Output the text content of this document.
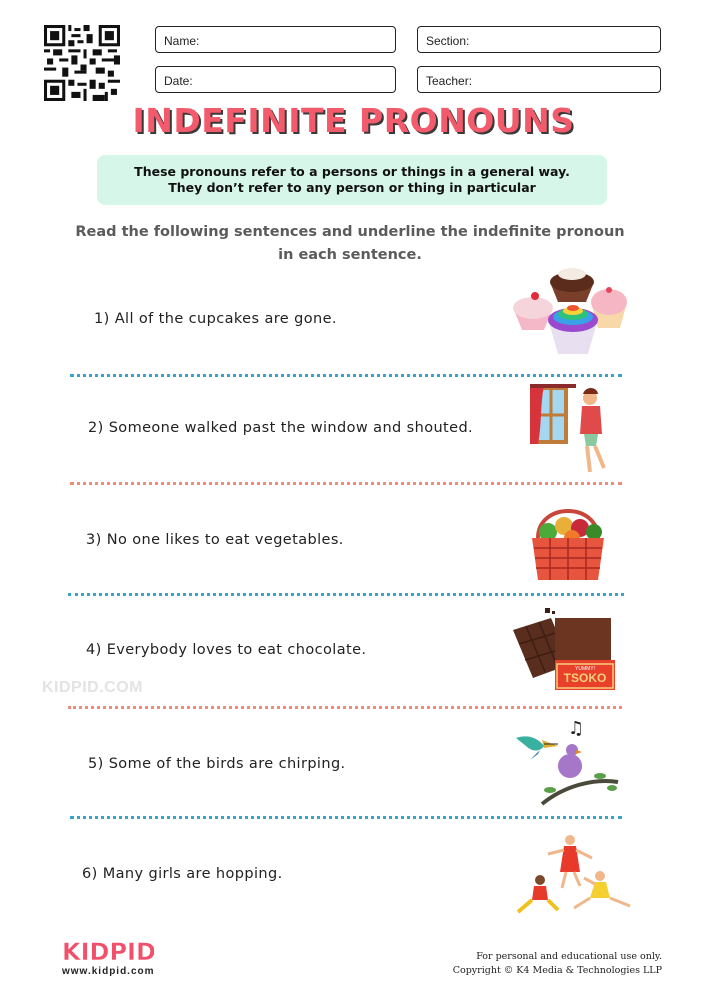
Name:	Section:
Date:	Teacher:
INDEFINITE PRONOUNS
These pronouns refer to a persons or things in a general way.
They don’t refer to any person or thing in particular
Read the following sentences and underline the indefinite pronoun
in each sentence.
1) All of the cupcakes are gone.
2) Someone walked past the window and shouted.
3) No one likes to eat vegetables.
4) Everybody loves to eat chocolate.
TSOKO
YUMMY!
KIDPID.COM
5) Some of the birds are chirping.
♫
6) Many girls are hopping.
KIDPID
www.kidpid.com
For personal and educational use only.
Copyright © K4 Media & Technologies LLP
